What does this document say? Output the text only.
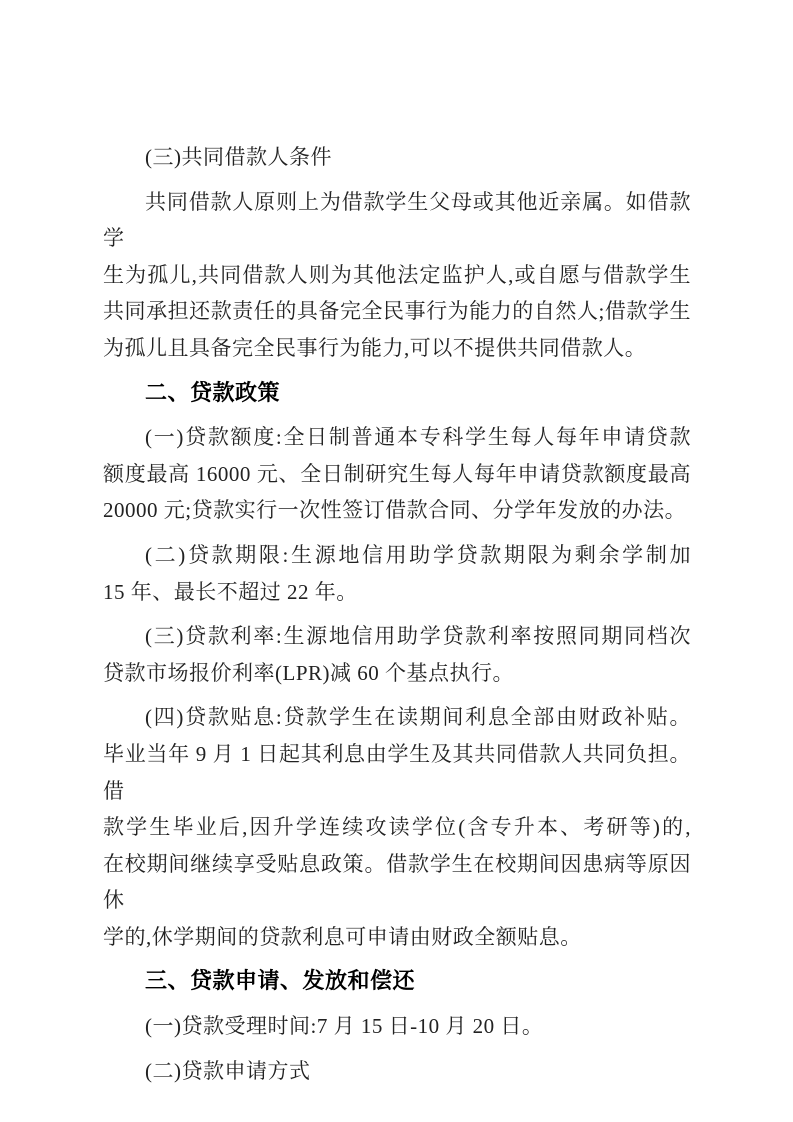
(三)共同借款人条件
共同借款人原则上为借款学生父母或其他近亲属。如借款学
生为孤儿,共同借款人则为其他法定监护人,或自愿与借款学生
共同承担还款责任的具备完全民事行为能力的自然人;借款学生
为孤儿且具备完全民事行为能力,可以不提供共同借款人。
二、贷款政策
(一)贷款额度:全日制普通本专科学生每人每年申请贷款
额度最高 16000 元、全日制研究生每人每年申请贷款额度最高
20000 元;贷款实行一次性签订借款合同、分学年发放的办法。
(二)贷款期限:生源地信用助学贷款期限为剩余学制加
15 年、最长不超过 22 年。
(三)贷款利率:生源地信用助学贷款利率按照同期同档次
贷款市场报价利率(LPR)减 60 个基点执行。
(四)贷款贴息:贷款学生在读期间利息全部由财政补贴。
毕业当年 9 月 1 日起其利息由学生及其共同借款人共同负担。借
款学生毕业后,因升学连续攻读学位(含专升本、考研等)的,
在校期间继续享受贴息政策。借款学生在校期间因患病等原因休
学的,休学期间的贷款利息可申请由财政全额贴息。
三、贷款申请、发放和偿还
(一)贷款受理时间:7 月 15 日-10 月 20 日。
(二)贷款申请方式
